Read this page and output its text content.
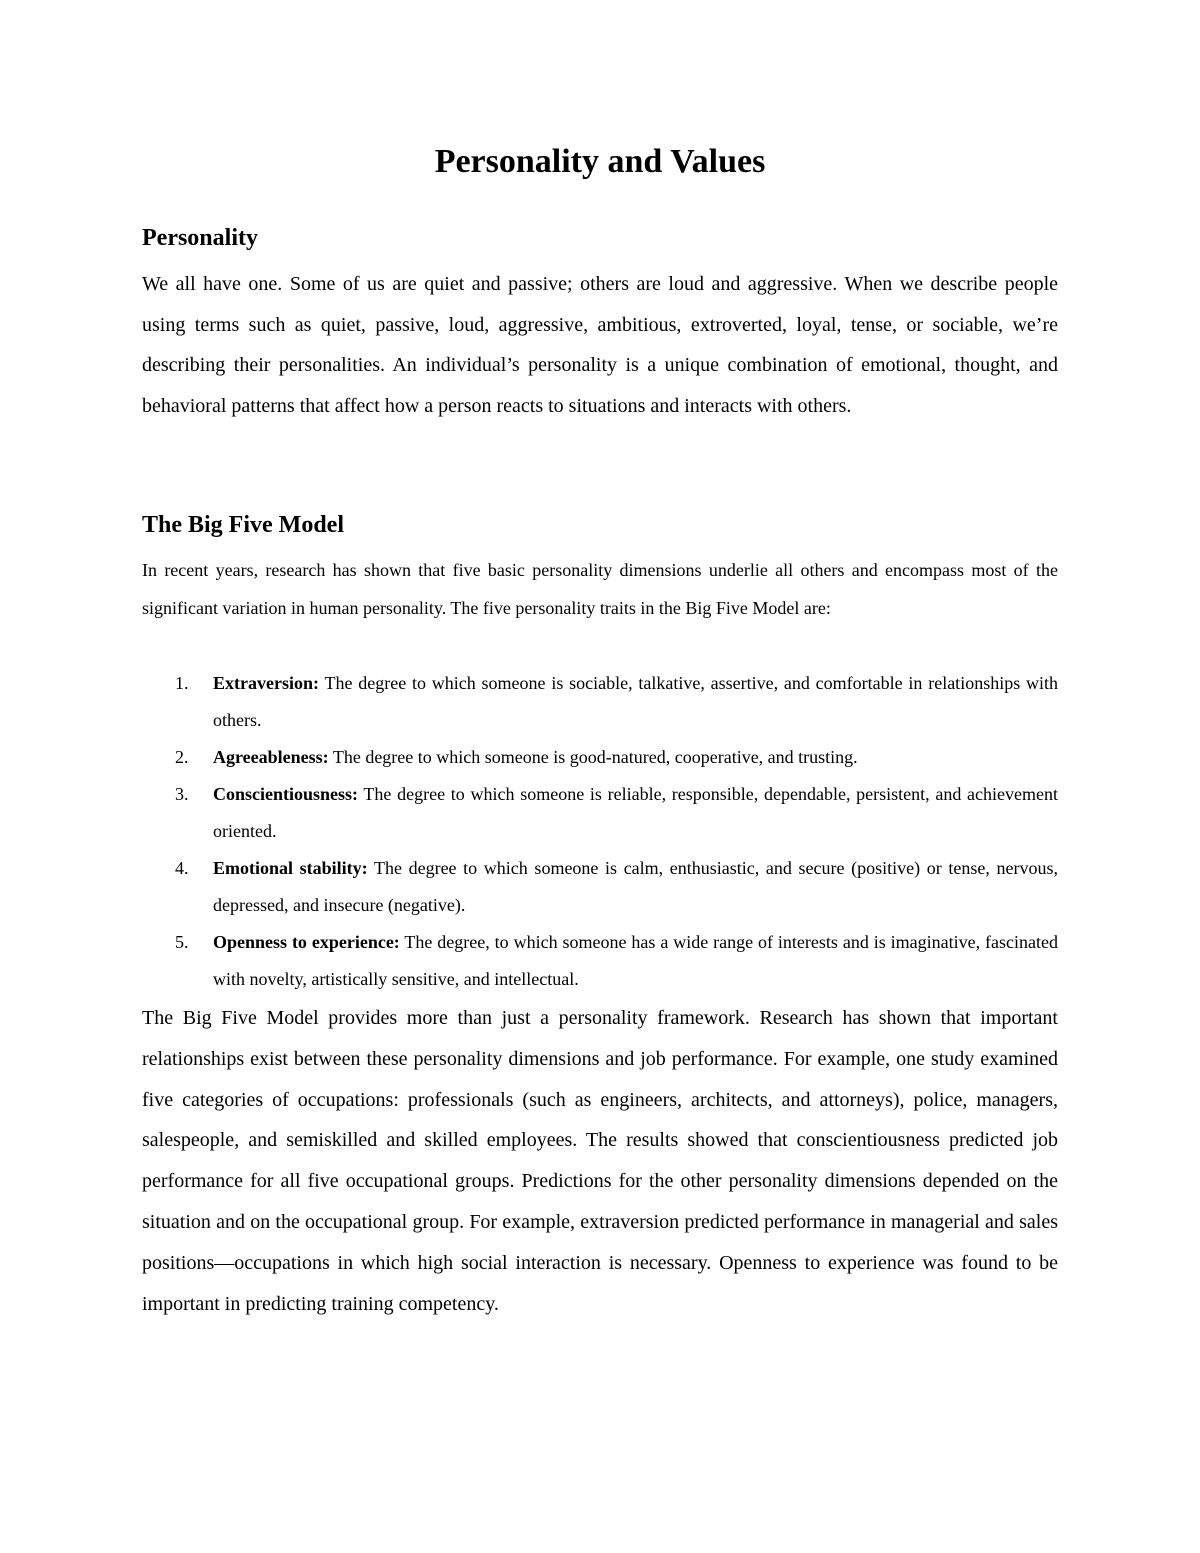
Personality and Values
Personality

We all have one. Some of us are quiet and passive; others are loud and aggressive. When we describe people using terms such as quiet, passive, loud, aggressive, ambitious, extroverted, loyal, tense, or sociable, we’re describing their personalities. An individual’s personality is a unique combination of emotional, thought, and behavioral patterns that affect how a person reacts to situations and interacts with others.

The Big Five Model

In recent years, research has shown that five basic personality dimensions underlie all others and encompass most of the significant variation in human personality. The five personality traits in the Big Five Model are:

1. Extraversion: The degree to which someone is sociable, talkative, assertive, and comfortable in relationships with others.
2. Agreeableness: The degree to which someone is good-natured, cooperative, and trusting.
3. Conscientiousness: The degree to which someone is reliable, responsible, dependable, persistent, and achievement oriented.
4. Emotional stability: The degree to which someone is calm, enthusiastic, and secure (positive) or tense, nervous, depressed, and insecure (negative).
5. Openness to experience: The degree, to which someone has a wide range of interests and is imaginative, fascinated with novelty, artistically sensitive, and intellectual.

The Big Five Model provides more than just a personality framework. Research has shown that important relationships exist between these personality dimensions and job performance. For example, one study examined five categories of occupations: professionals (such as engineers, architects, and attorneys), police, managers, salespeople, and semiskilled and skilled employees. The results showed that conscientiousness predicted job performance for all five occupational groups. Predictions for the other personality dimensions depended on the situation and on the occupational group. For example, extraversion predicted performance in managerial and sales positions—occupations in which high social interaction is necessary. Openness to experience was found to be important in predicting training competency.
